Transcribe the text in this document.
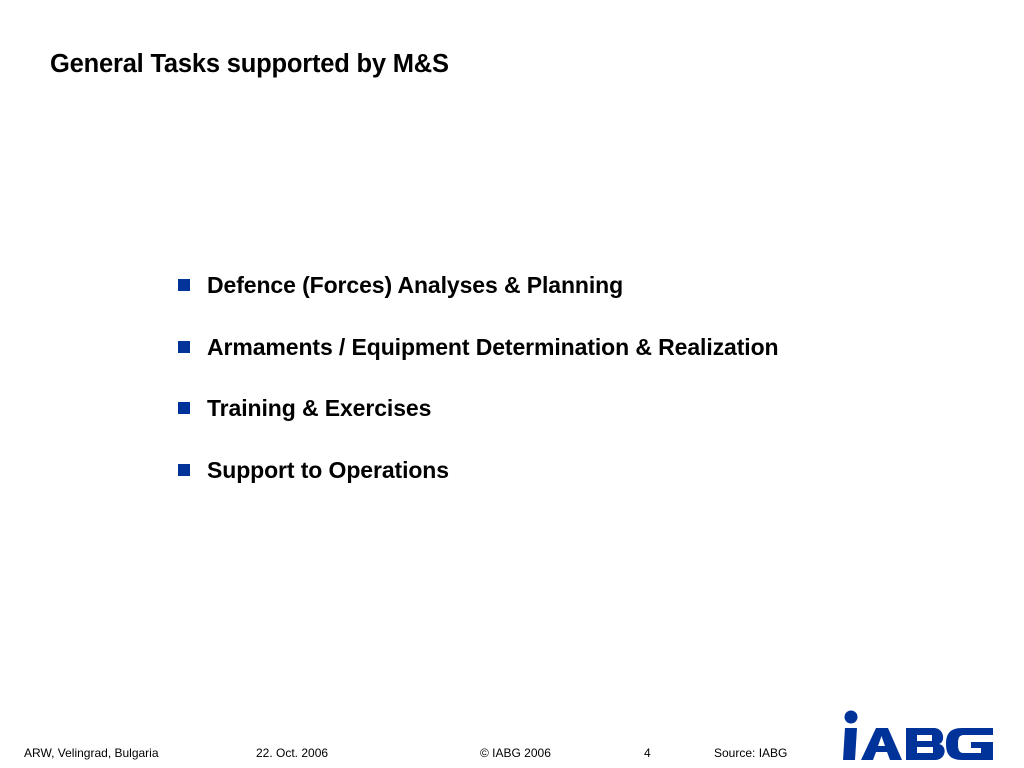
General Tasks supported by M&S
Defence (Forces) Analyses & Planning
Armaments / Equipment Determination & Realization
Training & Exercises
Support to Operations
ARW, Velingrad, Bulgaria	22. Oct. 2006	© IABG 2006	4	Source: IABG
